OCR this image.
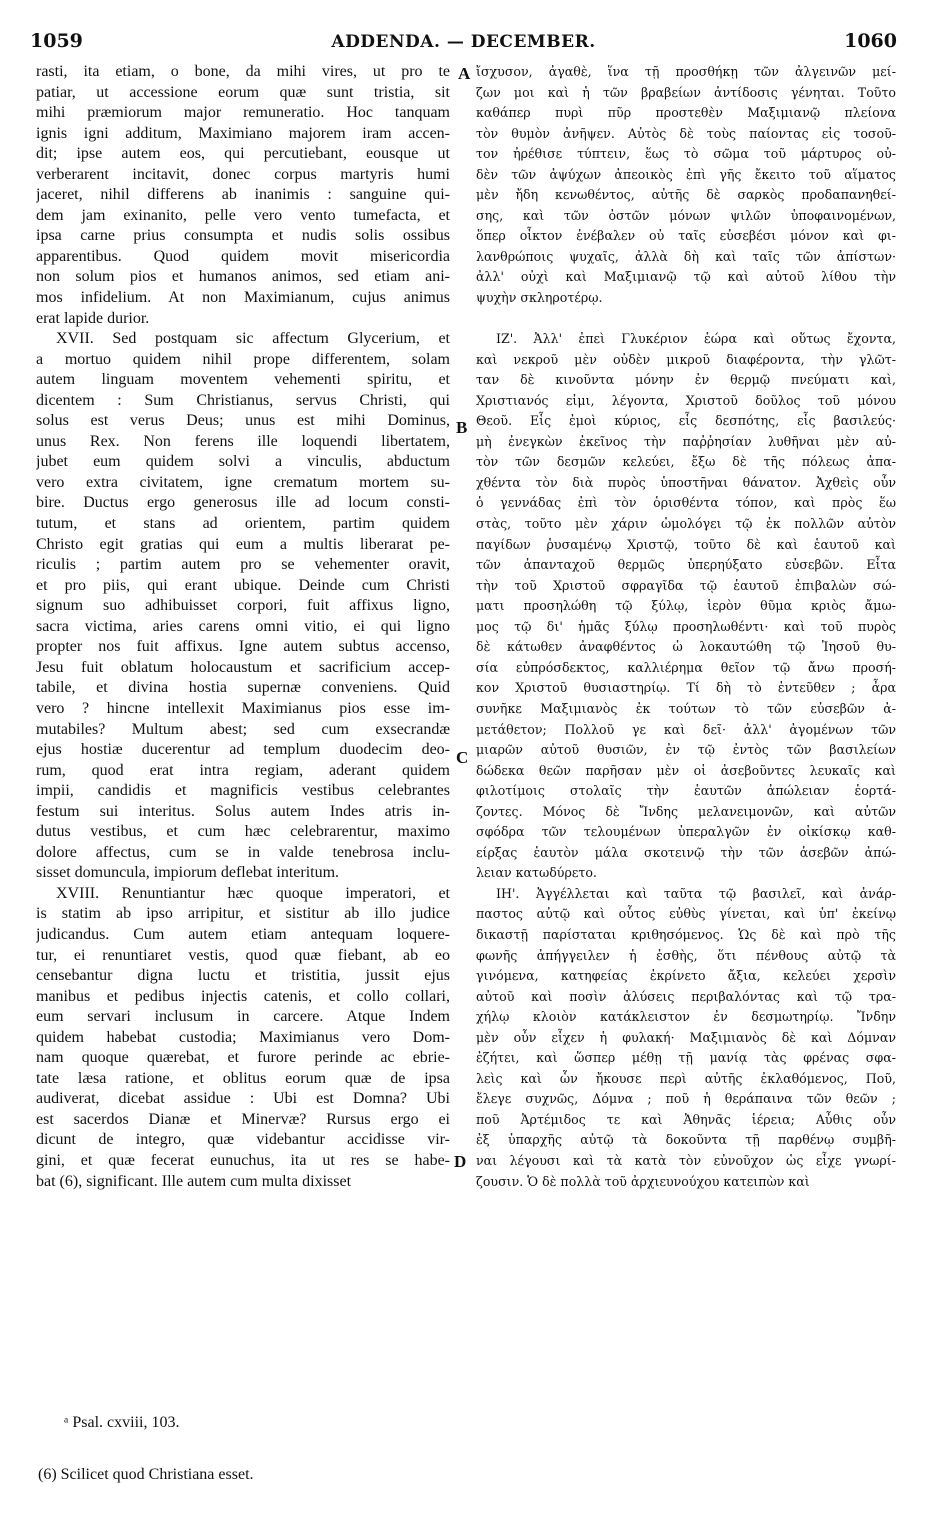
1059	ADDENDA. — DECEMBER.	1060
rasti, ita etiam, o bone, da mihi vires, ut pro te
patiar, ut accessione eorum quæ sunt tristia, sit
mihi præmiorum major remuneratio. Hoc tanquam
ignis igni additum, Maximiano majorem iram accen-
dit; ipse autem eos, qui percutiebant, eousque ut
verberarent incitavit, donec corpus martyris humi
jaceret, nihil differens ab inanimis : sanguine qui-
dem jam exinanito, pelle vero vento tumefacta, et
ipsa carne prius consumpta et nudis solis ossibus
apparentibus. Quod quidem movit misericordia
non solum pios et humanos animos, sed etiam ani-
mos infidelium. At non Maximianum, cujus animus
erat lapide durior.
XVII. Sed postquam sic affectum Glycerium, et
a mortuo quidem nihil prope differentem, solam
autem linguam moventem vehementi spiritu, et
dicentem : Sum Christianus, servus Christi, qui
solus est verus Deus; unus est mihi Dominus,
unus Rex. Non ferens ille loquendi libertatem,
jubet eum quidem solvi a vinculis, abductum
vero extra civitatem, igne crematum mortem su-
bire. Ductus ergo generosus ille ad locum consti-
tutum, et stans ad orientem, partim quidem
Christo egit gratias qui eum a multis liberarat pe-
riculis ; partim autem pro se vehementer oravit,
et pro piis, qui erant ubique. Deinde cum Christi
signum suo adhibuisset corpori, fuit affixus ligno,
sacra victima, aries carens omni vitio, ei qui ligno
propter nos fuit affixus. Igne autem subtus accenso,
Jesu fuit oblatum holocaustum et sacrificium accep-
tabile, et divina hostia supernæ conveniens. Quid
vero ? hincne intellexit Maximianus pios esse im-
mutabiles? Multum abest; sed cum exsecrandæ
ejus hostiæ ducerentur ad templum duodecim deo-
rum, quod erat intra regiam, aderant quidem
impii, candidis et magnificis vestibus celebrantes
festum sui interitus. Solus autem Indes atris in-
dutus vestibus, et cum hæc celebrarentur, maximo
dolore affectus, cum se in valde tenebrosa inclu-
sisset domuncula, impiorum deflebat interitum.
XVIII. Renuntiantur hæc quoque imperatori, et
is statim ab ipso arripitur, et sistitur ab illo judice
judicandus. Cum autem etiam antequam loquere-
tur, ei renuntiaret vestis, quod quæ fiebant, ab eo
censebantur digna luctu et tristitia, jussit ejus
manibus et pedibus injectis catenis, et collo collari,
eum servari inclusum in carcere. Atque Indem
quidem habebat custodia; Maximianus vero Dom-
nam quoque quærebat, et furore perinde ac ebrie-
tate læsa ratione, et oblitus eorum quæ de ipsa
audiverat, dicebat assidue : Ubi est Domna? Ubi
est sacerdos Dianæ et Minervæ? Rursus ergo ei
dicunt de integro, quæ videbantur accidisse vir-
gini, et quæ fecerat eunuchus, ita ut res se habe-
bat (6), significant. Ille autem cum multa dixisset
ἴσχυσον, ἀγαθὲ, ἵνα τῇ προσθήκῃ τῶν ἀλγεινῶν μεί-
ζων μοι καὶ ἡ τῶν βραβείων ἀντίδοσις γένηται. Τοῦτο
καθάπερ πυρὶ πῦρ προστεθὲν Μαξιμιανῷ πλείονα
τὸν θυμὸν ἀνῆψεν. Αὐτὸς δὲ τοὺς παίοντας εἰς τοσοῦ-
τον ἠρέθισε τύπτειν, ἕως τὸ σῶμα τοῦ μάρτυρος οὐ-
δὲν τῶν ἀψύχων ἀπεοικὸς ἐπὶ γῆς ἔκειτο τοῦ αἵματος
μὲν ἤδη κενωθέντος, αὐτῆς δὲ σαρκὸς προδαπανηθεί-
σης, καὶ τῶν ὀστῶν μόνων ψιλῶν ὑποφαινομένων,
ὅπερ οἶκτον ἐνέβαλεν οὐ ταῖς εὐσεβέσι μόνον καὶ φι-
λανθρώποις ψυχαῖς, ἀλλὰ δὴ καὶ ταῖς τῶν ἀπίστων·
ἀλλ' οὐχὶ καὶ Μαξιμιανῷ τῷ καὶ αὐτοῦ λίθου τὴν
ψυχὴν σκληροτέρῳ.
ΙΖ'. Ἀλλ' ἐπεὶ Γλυκέριον ἑώρα καὶ οὕτως ἔχοντα,
καὶ νεκροῦ μὲν οὐδὲν μικροῦ διαφέροντα, τὴν γλῶτ-
ταν δὲ κινοῦντα μόνην ἐν θερμῷ πνεύματι καὶ,
Χριστιανός εἰμι, λέγοντα, Χριστοῦ δοῦλος τοῦ μόνου
Θεοῦ. Εἷς ἐμοὶ κύριος, εἷς δεσπότης, εἷς βασιλεύς·
μὴ ἐνεγκὼν ἐκεῖνος τὴν παῤῥησίαν λυθῆναι μὲν αὐ-
τὸν τῶν δεσμῶν κελεύει, ἔξω δὲ τῆς πόλεως ἀπα-
χθέντα τὸν διὰ πυρὸς ὑποστῆναι θάνατον. Ἀχθεὶς οὖν
ὁ γεννάδας ἐπὶ τὸν ὁρισθέντα τόπον, καὶ πρὸς ἕω
στὰς, τοῦτο μὲν χάριν ὡμολόγει τῷ ἐκ πολλῶν αὐτὸν
παγίδων ῥυσαμένῳ Χριστῷ, τοῦτο δὲ καὶ ἑαυτοῦ καὶ
τῶν ἁπανταχοῦ θερμῶς ὑπερηύξατο εὐσεβῶν. Εἶτα
τὴν τοῦ Χριστοῦ σφραγῖδα τῷ ἑαυτοῦ ἐπιβαλὼν σώ-
ματι προσηλώθη τῷ ξύλῳ, ἱερὸν θῦμα κριὸς ἄμω-
μος τῷ δι' ἡμᾶς ξύλῳ προσηλωθέντι· καὶ τοῦ πυρὸς
δὲ κάτωθεν ἀναφθέντος ὡ λοκαυτώθη τῷ Ἰησοῦ θυ-
σία εὐπρόσδεκτος, καλλιέρημα θεῖον τῷ ἄνω προσή-
κον Χριστοῦ θυσιαστηρίῳ. Τί δὴ τὸ ἐντεῦθεν ; ἆρα
συνῆκε Μαξιμιανὸς ἐκ τούτων τὸ τῶν εὐσεβῶν ἀ-
μετάθετον; Πολλοῦ γε καὶ δεῖ· ἀλλ' ἀγομένων τῶν
μιαρῶν αὐτοῦ θυσιῶν, ἐν τῷ ἐντὸς τῶν βασιλείων
δώδεκα θεῶν παρῆσαν μὲν οἱ ἀσεβοῦντες λευκαῖς καὶ
φιλοτίμοις στολαῖς τὴν ἑαυτῶν ἀπώλειαν ἑορτά-
ζοντες. Μόνος δὲ Ἴνδης μελανειμονῶν, καὶ αὐτῶν
σφόδρα τῶν τελουμένων ὑπεραλγῶν ἐν οἰκίσκῳ καθ-
είρξας ἑαυτὸν μάλα σκοτεινῷ τὴν τῶν ἀσεβῶν ἀπώ-
λειαν κατωδύρετο.
ΙΗ'. Ἀγγέλλεται καὶ ταῦτα τῷ βασιλεῖ, καὶ ἀνάρ-
παστος αὐτῷ καὶ οὗτος εὐθὺς γίνεται, καὶ ὑπ' ἐκείνῳ
δικαστῇ παρίσταται κριθησόμενος. Ὡς δὲ καὶ πρὸ τῆς
φωνῆς ἀπήγγειλεν ἡ ἐσθὴς, ὅτι πένθους αὐτῷ τὰ
γινόμενα, κατηφείας ἐκρίνετο ἄξια, κελεύει χερσὶν
αὐτοῦ καὶ ποσὶν ἁλύσεις περιβαλόντας καὶ τῷ τρα-
χήλῳ κλοιὸν κατάκλειστον ἐν δεσμωτηρίῳ. Ἴνδην
μὲν οὖν εἶχεν ἡ φυλακή· Μαξιμιανὸς δὲ καὶ Δόμναν
ἐζήτει, καὶ ὥσπερ μέθῃ τῇ μανίᾳ τὰς φρένας σφα-
λεὶς καὶ ὧν ἤκουσε περὶ αὐτῆς ἐκλαθόμενος, Ποῦ,
ἔλεγε συχνῶς, Δόμνα ; ποῦ ἡ θεράπαινα τῶν θεῶν ;
ποῦ Ἀρτέμιδος τε καὶ Ἀθηνᾶς ἱέρεια; Αὖθις οὖν
ἐξ ὑπαρχῆς αὐτῷ τὰ δοκοῦντα τῇ παρθένῳ συμβῆ-
ναι λέγουσι καὶ τὰ κατὰ τὸν εὐνοῦχον ὡς εἶχε γνωρί-
ζουσιν. Ὁ δὲ πολλὰ τοῦ ἀρχιευνούχου κατειπὼν καὶ
A
B
C
D
ᵃ Psal. cxviii, 103.
(6) Scilicet quod Christiana esset.
